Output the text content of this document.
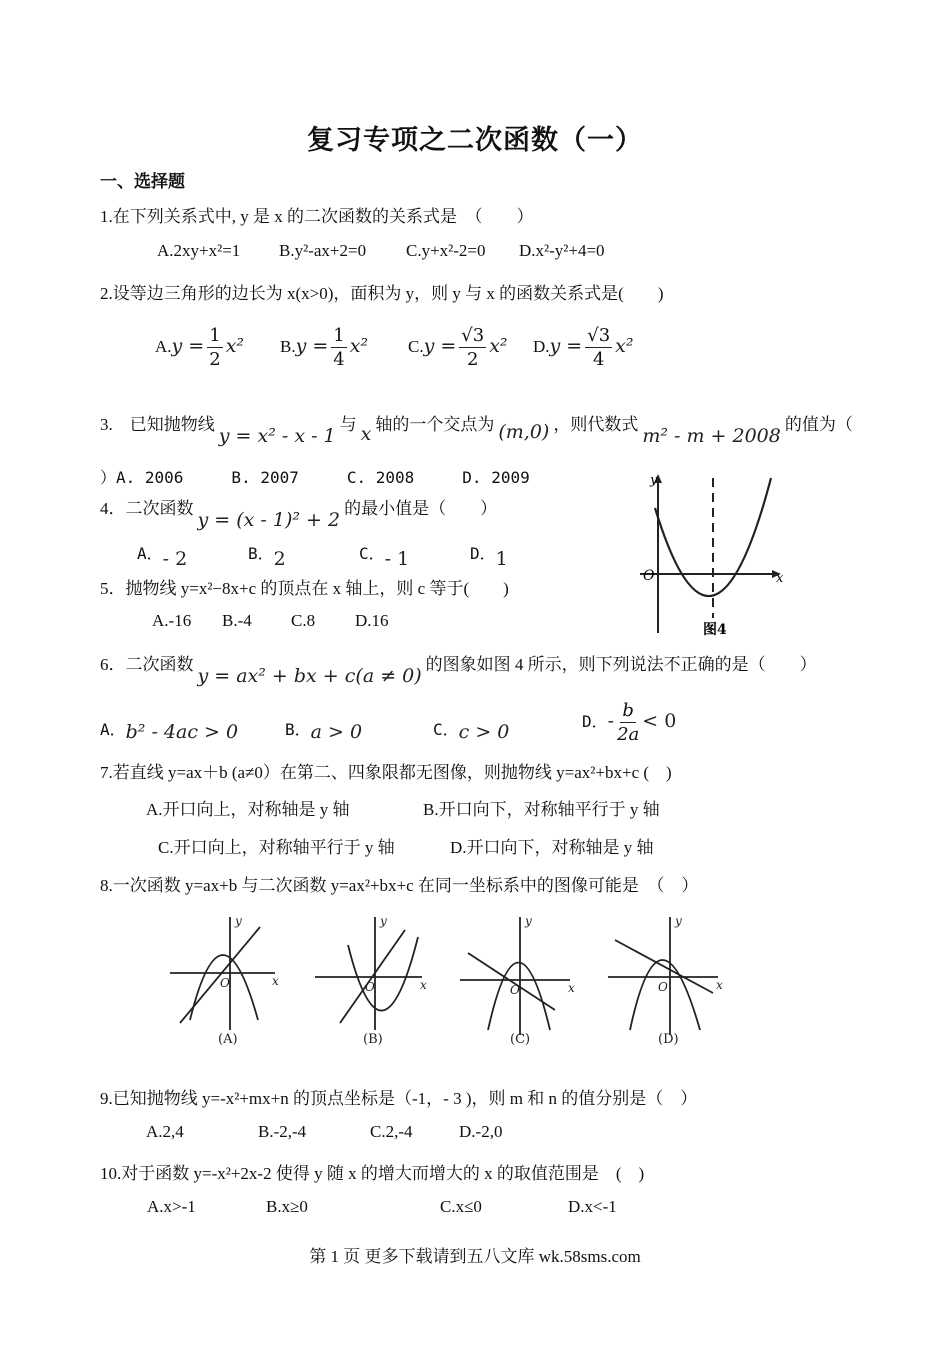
复习专项之二次函数（一）
一、选择题
1.在下列关系式中, y 是 x 的二次函数的关系式是　（　　）
A.2xy+x²=1 B.y²-ax+2=0 C.y+x²-2=0 D.x²-y²+4=0
2.设等边三角形的边长为 x(x>0)，面积为 y，则 y 与 x 的函数关系式是(　　)
$A.y = \frac{1}{2} x^2$ $B.y = \frac{1}{4} x^2$ $C.y = \frac{√3}{2} x^2$ $D.y = \frac{√3}{4} x^2$
3.　已知抛物线 y = x² - x - 1 与 x 轴的一个交点为 (m,0) ，则代数式 m² - m + 2008 的值为（
）A. 2006　　　B. 2007　　　C. 2008　　　D. 2009
4．二次函数 y = (x - 1)² + 2 的最小值是（　　）
A．- 2	B．2	C．- 1	D．1
5．抛物线 y=x²−8x+c 的顶点在 x 轴上，则 c 等于(　　)
A.-16 B.-4 C.8 D.16
y
x
O
图4
6．二次函数 y = ax² + bx + c(a ≠ 0) 的图象如图 4 所示，则下列说法不正确的是（　　）
A．b² - 4ac > 0	B．a > 0	C．c > 0	D．- $\frac{b}{2a} < 0$
7.若直线 y=ax＋b (a≠0）在第二、四象限都无图像，则抛物线 y=ax²+bx+c (　)
A.开口向上，对称轴是 y 轴	B.开口向下，对称轴平行于 y 轴
C.开口向上，对称轴平行于 y 轴	D.开口向下，对称轴是 y 轴
8.一次函数 y=ax+b 与二次函数 y=ax²+bx+c 在同一坐标系中的图像可能是　（　）
y
x
O
y
x
O
y
x
O
y
x
O
(A)	(B)	(C)	(D)
9.已知抛物线 y=-x²+mx+n 的顶点坐标是（-1，- 3 )，则 m 和 n 的值分别是（　）
A.2,4	B.-2,-4	C.2,-4	D.-2,0
10.对于函数 y=-x²+2x-2 使得 y 随 x 的增大而增大的 x 的取值范围是　(　)
A.x>-1	B.x≥0	C.x≤0	D.x<-1
第 1 页 更多下载请到五八文库 wk.58sms.com
